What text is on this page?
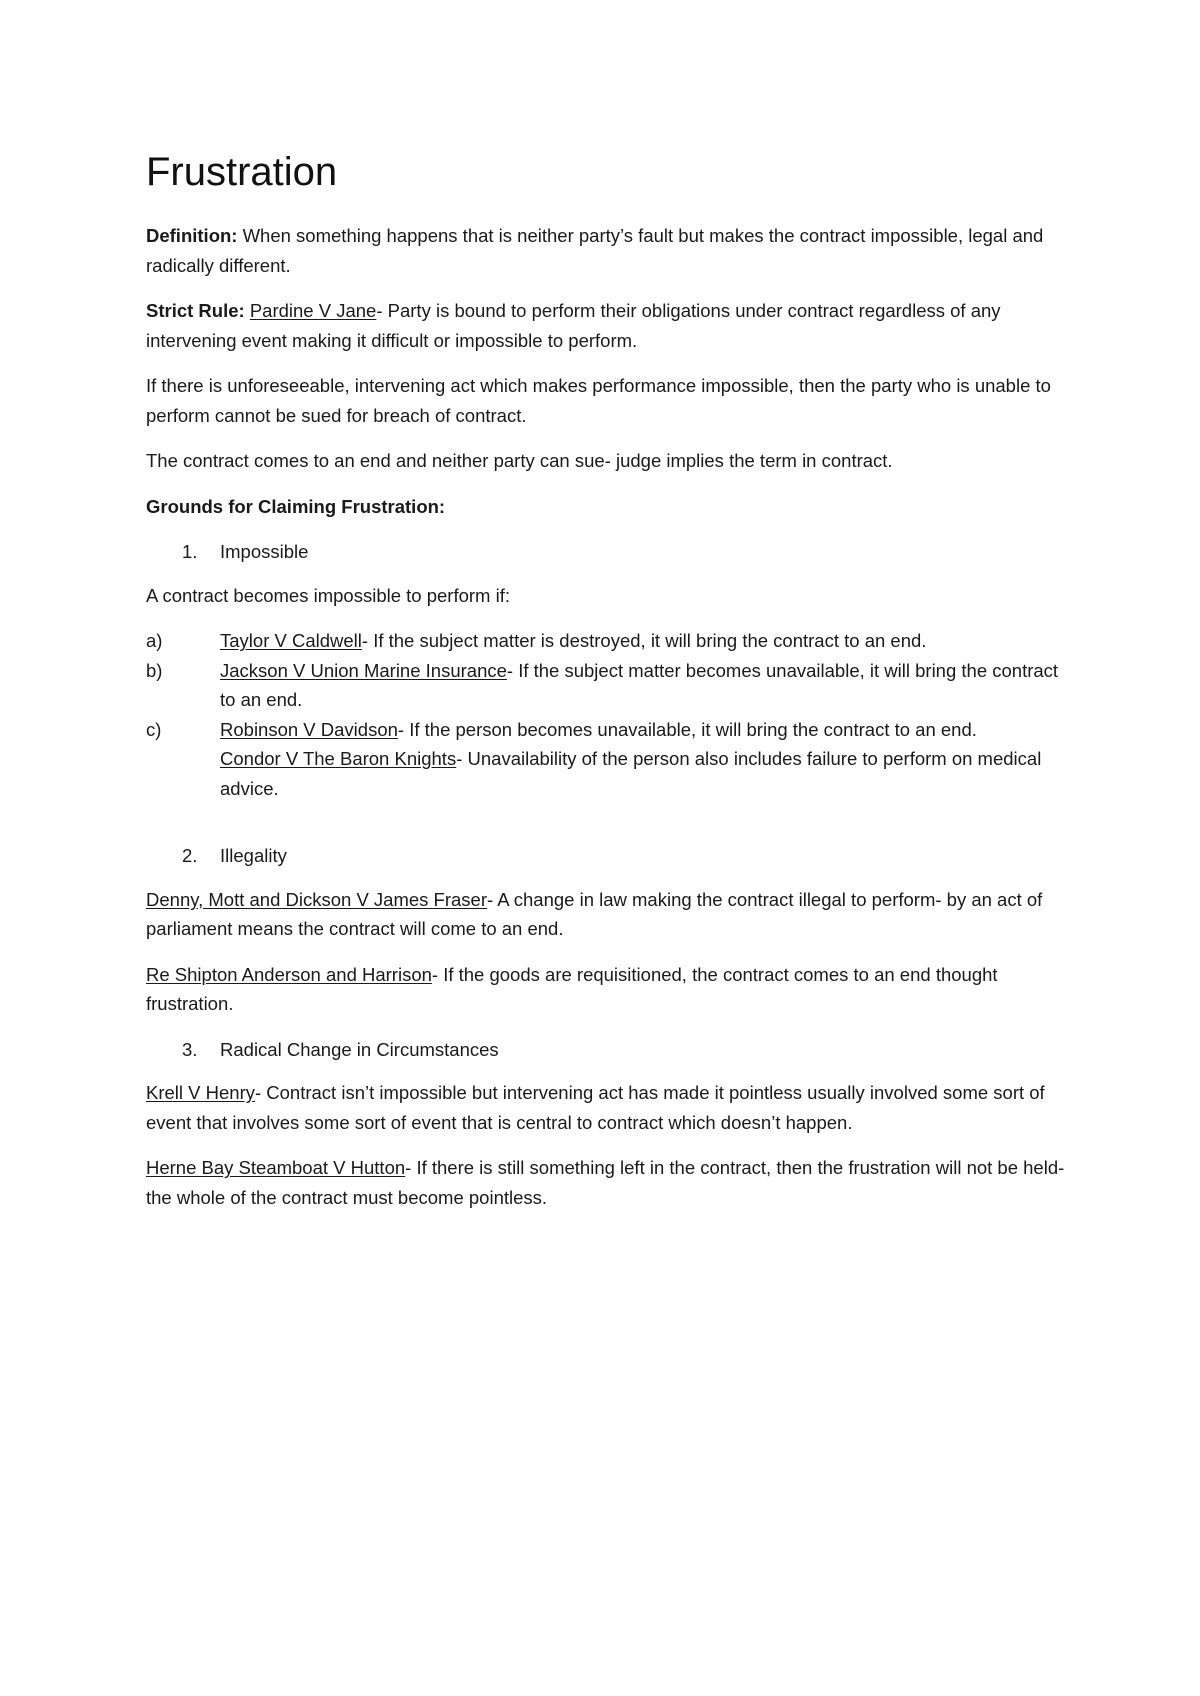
Frustration

Definition: When something happens that is neither party’s fault but makes the contract impossible, legal and radically different.

Strict Rule: Pardine V Jane- Party is bound to perform their obligations under contract regardless of any intervening event making it difficult or impossible to perform.

If there is unforeseeable, intervening act which makes performance impossible, then the party who is unable to perform cannot be sued for breach of contract.

The contract comes to an end and neither party can sue- judge implies the term in contract.

Grounds for Claiming Frustration:
1. Impossible

A contract becomes impossible to perform if:

a)	Taylor V Caldwell- If the subject matter is destroyed, it will bring the contract to an end.
b)	Jackson V Union Marine Insurance- If the subject matter becomes unavailable, it will bring the contract to an end.
c)	Robinson V Davidson- If the person becomes unavailable, it will bring the contract to an end.
Condor V The Baron Knights- Unavailability of the person also includes failure to perform on medical advice.
2. Illegality

Denny, Mott and Dickson V James Fraser- A change in law making the contract illegal to perform- by an act of parliament means the contract will come to an end.

Re Shipton Anderson and Harrison- If the goods are requisitioned, the contract comes to an end thought frustration.

3. Radical Change in Circumstances

Krell V Henry- Contract isn’t impossible but intervening act has made it pointless usually involved some sort of event that involves some sort of event that is central to contract which doesn’t happen.

Herne Bay Steamboat V Hutton- If there is still something left in the contract, then the frustration will not be held- the whole of the contract must become pointless.
